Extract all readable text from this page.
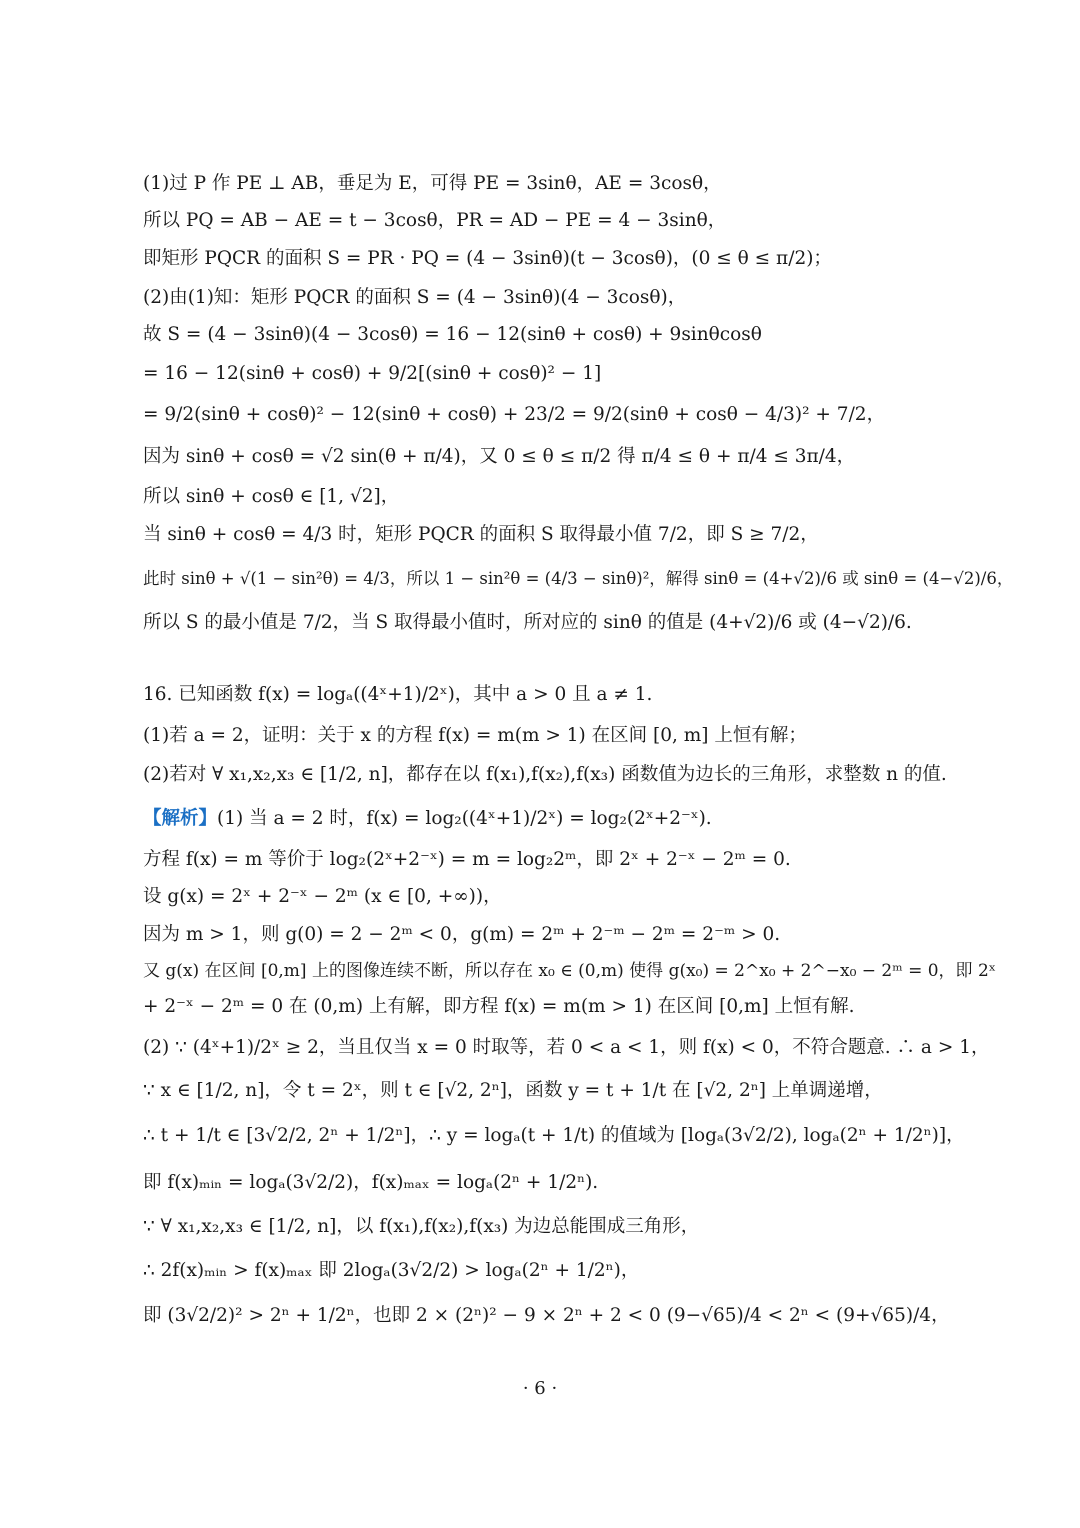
(1)过 P 作 PE ⊥ AB，垂足为 E，可得 PE = 3sinθ，AE = 3cosθ，
所以 PQ = AB − AE = t − 3cosθ，PR = AD − PE = 4 − 3sinθ，
即矩形 PQCR 的面积 S = PR · PQ = (4 − 3sinθ)(t − 3cosθ)，(0 ≤ θ ≤ π/2)；
(2)由(1)知：矩形 PQCR 的面积 S = (4 − 3sinθ)(4 − 3cosθ)，
故 S = (4 − 3sinθ)(4 − 3cosθ) = 16 − 12(sinθ + cosθ) + 9sinθcosθ
= 16 − 12(sinθ + cosθ) + 9/2[(sinθ + cosθ)² − 1]
= 9/2(sinθ + cosθ)² − 12(sinθ + cosθ) + 23/2 = 9/2(sinθ + cosθ − 4/3)² + 7/2，
因为 sinθ + cosθ = √2 sin(θ + π/4)，又 0 ≤ θ ≤ π/2 得 π/4 ≤ θ + π/4 ≤ 3π/4，
所以 sinθ + cosθ ∈ [1, √2]，
当 sinθ + cosθ = 4/3 时，矩形 PQCR 的面积 S 取得最小值 7/2，即 S ≥ 7/2，
此时 sinθ + √(1 − sin²θ) = 4/3，所以 1 − sin²θ = (4/3 − sinθ)²，解得 sinθ = (4+√2)/6 或 sinθ = (4−√2)/6，
所以 S 的最小值是 7/2，当 S 取得最小值时，所对应的 sinθ 的值是 (4+√2)/6 或 (4−√2)/6.
16. 已知函数 f(x) = logₐ((4ˣ+1)/2ˣ)，其中 a > 0 且 a ≠ 1.
(1)若 a = 2，证明：关于 x 的方程 f(x) = m(m > 1) 在区间 [0, m] 上恒有解；
(2)若对 ∀ x₁,x₂,x₃ ∈ [1/2, n]，都存在以 f(x₁),f(x₂),f(x₃) 函数值为边长的三角形，求整数 n 的值.
【解析】(1) 当 a = 2 时，f(x) = log₂((4ˣ+1)/2ˣ) = log₂(2ˣ+2⁻ˣ).
方程 f(x) = m 等价于 log₂(2ˣ+2⁻ˣ) = m = log₂2ᵐ，即 2ˣ + 2⁻ˣ − 2ᵐ = 0.
设 g(x) = 2ˣ + 2⁻ˣ − 2ᵐ (x ∈ [0, +∞))，
因为 m > 1，则 g(0) = 2 − 2ᵐ < 0，g(m) = 2ᵐ + 2⁻ᵐ − 2ᵐ = 2⁻ᵐ > 0.
又 g(x) 在区间 [0,m] 上的图像连续不断，所以存在 x₀ ∈ (0,m) 使得 g(x₀) = 2^x₀ + 2^−x₀ − 2ᵐ = 0，即 2ˣ
+ 2⁻ˣ − 2ᵐ = 0 在 (0,m) 上有解，即方程 f(x) = m(m > 1) 在区间 [0,m] 上恒有解.
(2) ∵ (4ˣ+1)/2ˣ ≥ 2，当且仅当 x = 0 时取等，若 0 < a < 1，则 f(x) < 0，不符合题意. ∴ a > 1，
∵ x ∈ [1/2, n]，令 t = 2ˣ，则 t ∈ [√2, 2ⁿ]，函数 y = t + 1/t 在 [√2, 2ⁿ] 上单调递增，
∴ t + 1/t ∈ [3√2/2, 2ⁿ + 1/2ⁿ]，∴ y = logₐ(t + 1/t) 的值域为 [logₐ(3√2/2), logₐ(2ⁿ + 1/2ⁿ)]，
即 f(x)ₘᵢₙ = logₐ(3√2/2)，f(x)ₘₐₓ = logₐ(2ⁿ + 1/2ⁿ).
∵ ∀ x₁,x₂,x₃ ∈ [1/2, n]，以 f(x₁),f(x₂),f(x₃) 为边总能围成三角形，
∴ 2f(x)ₘᵢₙ > f(x)ₘₐₓ 即 2logₐ(3√2/2) > logₐ(2ⁿ + 1/2ⁿ)，
即 (3√2/2)² > 2ⁿ + 1/2ⁿ，也即 2 × (2ⁿ)² − 9 × 2ⁿ + 2 < 0 (9−√65)/4 < 2ⁿ < (9+√65)/4，
· 6 ·
